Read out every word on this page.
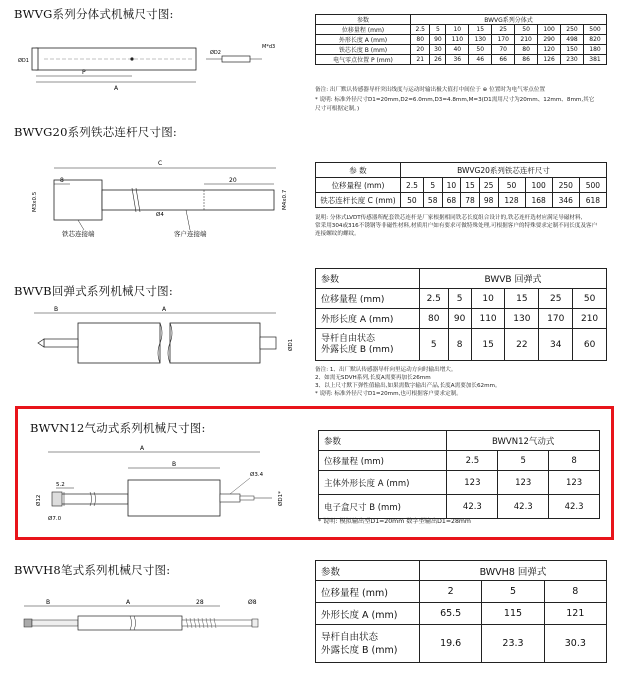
BWVG系列分体式机械尺寸图:
A
P
M*d3
ØD1
ØD2
参数	BWVG系列分体式								
位移量程 (mm)	2.5	5	10	15	25	50	100	250	500
外形长度 A (mm)	80	90	110	130	170	210	290	498	820
铁芯长度 B (mm)	20	30	40	50	70	80	120	150	180
电气零点位置 P (mm)	21	26	36	46	66	86	126	230	381
备注: 出厂默认传感器导杆突出线度与运动时输出极大值打中间位于 ⊕ 位置时为电气零点位置
* 说明: 标准外径尺寸D1=20mm,D2=6.0mm,D3=4.8mm,M=3(D1需用尺寸为20mm、12mm、8mm,其它
尺寸可根据定制。)
BWVG20系列铁芯连杆尺寸图:
C
8	20
M3x0.5	M4x0.7
Ø4
铁芯连接端	客户连接端
参 数	BWVG20系列铁芯连杆尺寸								
位移量程 (mm)	2.5	5	10	15	25	50	100	250	500
铁芯连杆长度 C (mm)	50	58	68	78	98	128	168	346	618
说明: 分体式LVDT传感器所配套铁芯连杆是厂家根据相同铁芯长度组合设计的,铁芯连杆选材应满足导磁材料,
常采用304或316不锈钢等非磁性材料,材质用户如有要求可做特殊处理,可根据客户的特殊要求定制不同长度及客户
连接螺纹的螺纹。
BWVB回弹式系列机械尺寸图:
B	A
ØD1
参数	BWVB 回弹式					
位移量程 (mm)	2.5	5	10	15	25	50
外形长度 A (mm)	80	90	110	130	170	210
导杆自由状态
外露长度 B (mm)	5	8	15	22	34	60
备注: 1、出厂默认传感器导杆向里运动方向时输出增大。
2、如需无SDVH系列,长度A需要再加长26mm
3、以上尺寸默下弹性值输出,如果需数字输出产品,长度A需要加长62mm。
* 说明: 标准外径尺寸D1=20mm,也可根据客户要求定制。
BWVN12气动式系列机械尺寸图:
A
B
5.2
Ø3.4
Ø12
Ø7.0
ØD1*
参数	BWVN12气动式		
位移量程 (mm)	2.5	5	8
主体外形长度 A (mm)	123	123	123
电子盒尺寸 B (mm)	42.3	42.3	42.3
* 说明: 模拟输出型D1=20mm 数字型输出D1=28mm
BWVH8笔式系列机械尺寸图:
B	A	28	Ø8
参数	BWVH8 回弹式		
位移量程 (mm)	2	5	8
外形长度 A (mm)	65.5	115	121
导杆自由状态
外露长度 B (mm)	19.6	23.3	30.3
